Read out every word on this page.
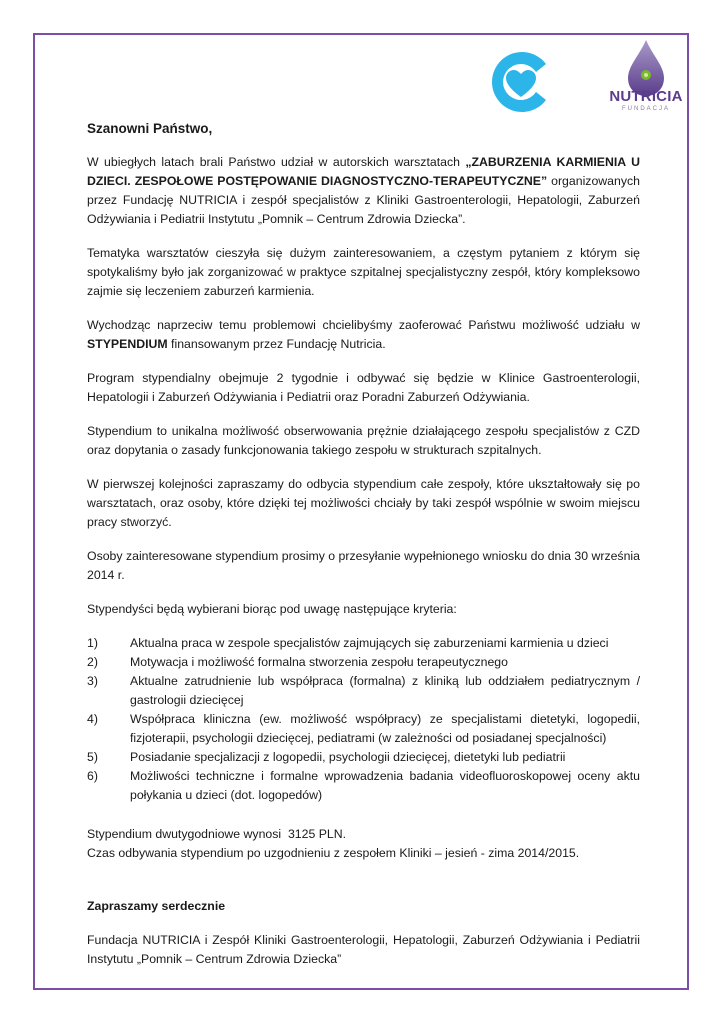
NUTRICIA
FUNDACJA

Szanowni Państwo,

W ubiegłych latach brali Państwo udział w autorskich warsztatach „ZABURZENIA KARMIENIA U DZIECI. ZESPOŁOWE POSTĘPOWANIE DIAGNOSTYCZNO-TERAPEUTYCZNE” organizowanych przez Fundację NUTRICIA i zespół specjalistów z Kliniki Gastroenterologii, Hepatologii, Zaburzeń Odżywiania i Pediatrii Instytutu „Pomnik – Centrum Zdrowia Dziecka”.

Tematyka warsztatów cieszyła się dużym zainteresowaniem, a częstym pytaniem z którym się spotykaliśmy było jak zorganizować w praktyce szpitalnej specjalistyczny zespół, który kompleksowo zajmie się leczeniem zaburzeń karmienia.

Wychodząc naprzeciw temu problemowi chcielibyśmy zaoferować Państwu możliwość udziału w STYPENDIUM finansowanym przez Fundację Nutricia.

Program stypendialny obejmuje 2 tygodnie i odbywać się będzie w Klinice Gastroenterologii, Hepatologii i Zaburzeń Odżywiania i Pediatrii oraz Poradni Zaburzeń Odżywiania.

Stypendium to unikalna możliwość obserwowania prężnie działającego zespołu specjalistów z CZD oraz dopytania o zasady funkcjonowania takiego zespołu w strukturach szpitalnych.

W pierwszej kolejności zapraszamy do odbycia stypendium całe zespoły, które ukształtowały się po warsztatach, oraz osoby, które dzięki tej możliwości chciały by taki zespół wspólnie w swoim miejscu pracy stworzyć.

Osoby zainteresowane stypendium prosimy o przesyłanie wypełnionego wniosku do dnia 30 września 2014 r.

Stypendyści będą wybierani biorąc pod uwagę następujące kryteria:

1)	Aktualna praca w zespole specjalistów zajmujących się zaburzeniami karmienia u dzieci
2)	Motywacja i możliwość formalna stworzenia zespołu terapeutycznego
3)	Aktualne zatrudnienie lub współpraca (formalna) z kliniką lub oddziałem pediatrycznym / gastrologii dziecięcej
4)	Współpraca kliniczna (ew. możliwość współpracy) ze specjalistami dietetyki, logopedii, fizjoterapii, psychologii dziecięcej, pediatrami (w zależności od posiadanej specjalności)
5)	Posiadanie specjalizacji z logopedii, psychologii dziecięcej, dietetyki lub pediatrii
6)	Możliwości techniczne i formalne wprowadzenia badania videofluoroskopowej oceny aktu połykania u dzieci (dot. logopedów)

Stypendium dwutygodniowe wynosi  3125 PLN.

Czas odbywania stypendium po uzgodnieniu z zespołem Kliniki – jesień - zima 2014/2015.

Zapraszamy serdecznie

Fundacja NUTRICIA i Zespół Kliniki Gastroenterologii, Hepatologii, Zaburzeń Odżywiania i Pediatrii Instytutu „Pomnik – Centrum Zdrowia Dziecka”
